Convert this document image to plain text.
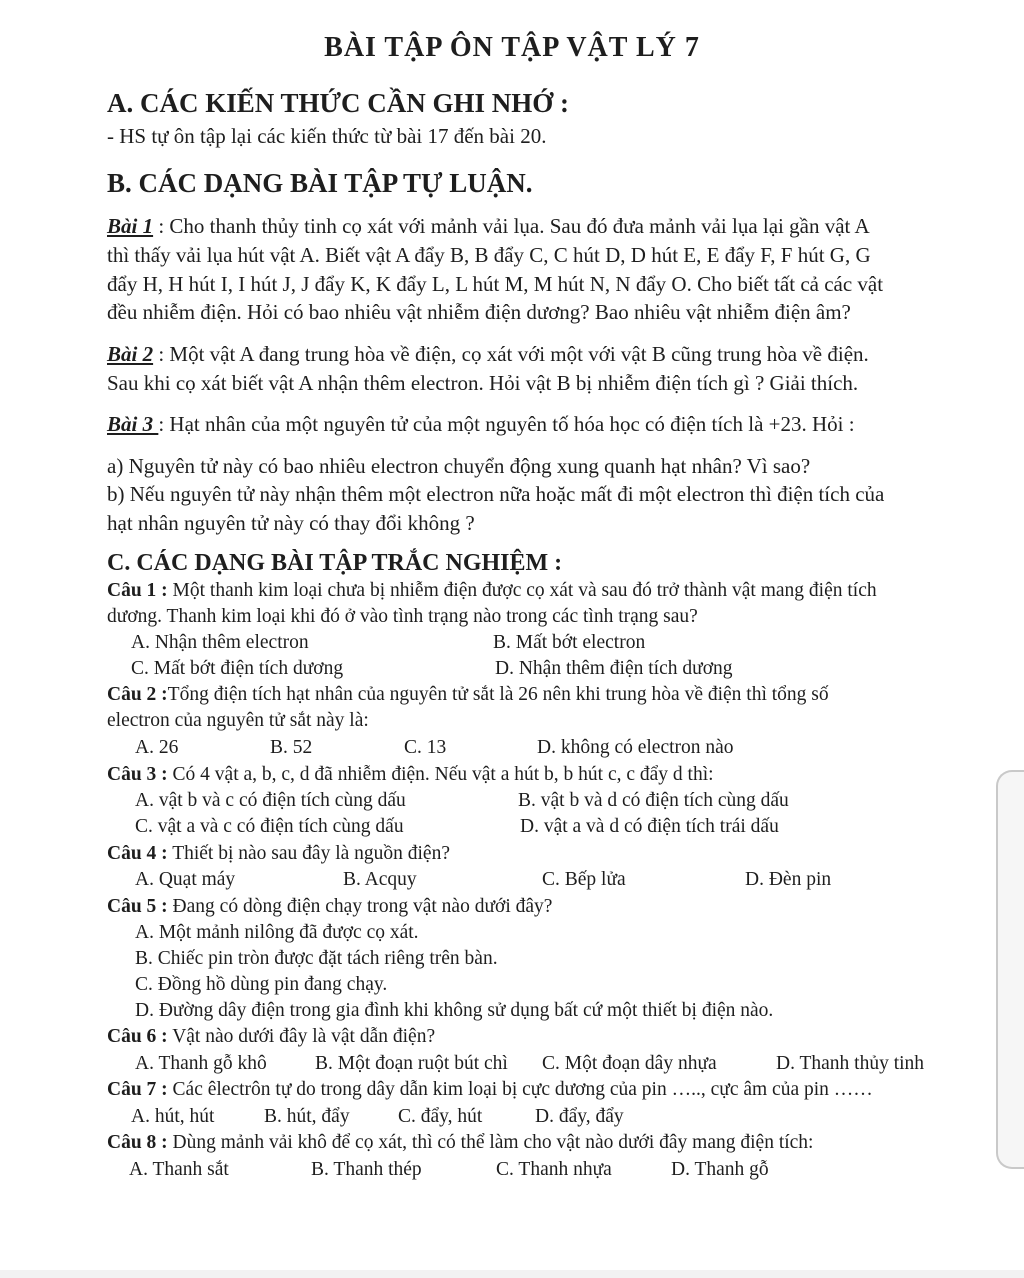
BÀI TẬP ÔN TẬP VẬT LÝ 7
A. CÁC KIẾN THỨC CẦN GHI NHỚ :
- HS tự ôn tập lại các kiến thức từ bài 17 đến bài 20.
B. CÁC DẠNG BÀI TẬP TỰ LUẬN.
Bài 1 : Cho thanh thủy tinh cọ xát với mảnh vải lụa. Sau đó đưa mảnh vải lụa lại gần vật A
thì thấy vải lụa hút vật A. Biết vật A đẩy B, B đẩy C, C hút D, D hút E, E đẩy F, F hút G, G
đẩy H, H hút I, I hút J, J đẩy K, K đẩy L, L hút M, M hút N, N đẩy O. Cho biết tất cả các vật
đều nhiễm điện. Hỏi có bao nhiêu vật nhiễm điện dương? Bao nhiêu vật nhiễm điện âm?
Bài 2 : Một vật A đang trung hòa về điện, cọ xát với một với vật B cũng trung hòa về điện.
Sau khi cọ xát biết vật A nhận thêm electron. Hỏi vật B bị nhiễm điện tích gì ? Giải thích.
Bài 3 : Hạt nhân của một nguyên tử của một nguyên tố hóa học có điện tích là +23. Hỏi :
a) Nguyên tử này có bao nhiêu electron chuyển động xung quanh hạt nhân? Vì sao?
b) Nếu nguyên tử này nhận thêm một electron nữa hoặc mất đi một electron thì điện tích của
hạt nhân nguyên tử này có thay đổi không ?
C. CÁC DẠNG BÀI TẬP TRẮC NGHIỆM :
Câu 1 : Một thanh kim loại chưa bị nhiễm điện được cọ xát và sau đó trở thành vật mang điện tích
dương. Thanh kim loại khi đó ở vào tình trạng nào trong các tình trạng sau?
A. Nhận thêm electron	B. Mất bớt electron
C. Mất bớt điện tích dương	D. Nhận thêm điện tích dương
Câu 2 :Tổng điện tích hạt nhân của nguyên tử sắt là 26 nên khi trung hòa về điện thì tổng số
electron của nguyên tử sắt này là:
A. 26	B. 52	C. 13	D. không có electron nào
Câu 3 : Có 4 vật a, b, c, d đã nhiễm điện. Nếu vật a hút b, b hút c, c đẩy d thì:
A. vật b và c có điện tích cùng dấu	B. vật b và d có điện tích cùng dấu
C. vật a và c có điện tích cùng dấu	D. vật a và d có điện tích trái dấu
Câu 4 : Thiết bị nào sau đây là nguồn điện?
A. Quạt máy	B. Acquy	C. Bếp lửa	D. Đèn pin
Câu 5 : Đang có dòng điện chạy trong vật nào dưới đây?
A. Một mảnh nilông đã được cọ xát.
B. Chiếc pin tròn được đặt tách riêng trên bàn.
C. Đồng hồ dùng pin đang chạy.
D. Đường dây điện trong gia đình khi không sử dụng bất cứ một thiết bị điện nào.
Câu 6 : Vật nào dưới đây là vật dẫn điện?
A. Thanh gỗ khô B. Một đoạn ruột bút chì C. Một đoạn dây nhựa	D. Thanh thủy tinh
Câu 7 : Các êlectrôn tự do trong dây dẫn kim loại bị cực dương của pin ….., cực âm của pin ……
A. hút, hút	B. hút, đẩy C. đẩy, hút	D. đẩy, đẩy
Câu 8 : Dùng mảnh vải khô để cọ xát, thì có thể làm cho vật nào dưới đây mang điện tích:
A. Thanh sắt	B. Thanh thép	C. Thanh nhựa	D. Thanh gỗ
